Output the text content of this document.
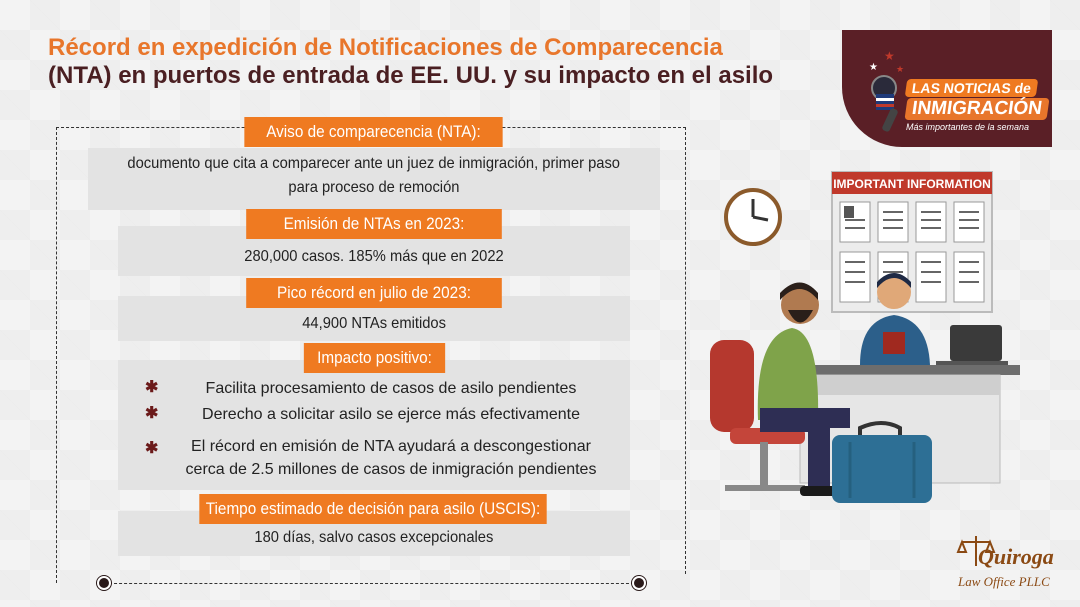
Récord en expedición de Notificaciones de Comparecencia
(NTA) en puertos de entrada de EE. UU. y su impacto en el asilo
documento que cita a comparecer ante un juez de inmigración, primer paso
para proceso de remoción
Aviso de comparecencia (NTA):
280,000 casos. 185% más que en 2022
Emisión de NTAs en 2023:
44,900 NTAs emitidos
Pico récord en julio de 2023:
Impacto positivo:
✱	Facilita procesamiento de casos de asilo pendientes
✱	Derecho a solicitar asilo se ejerce más efectivamente
✱	El récord en emisión de NTA ayudará a descongestionar
cerca de 2.5 millones de casos de inmigración pendientes
180 días, salvo casos excepcionales
Tiempo estimado de decisión para asilo (USCIS):
★
★ ★
LAS NOTICIAS de
INMIGRACIÓN
Más importantes de la semana
IMPORTANT INFORMATION
Quiroga
Law Office PLLC
